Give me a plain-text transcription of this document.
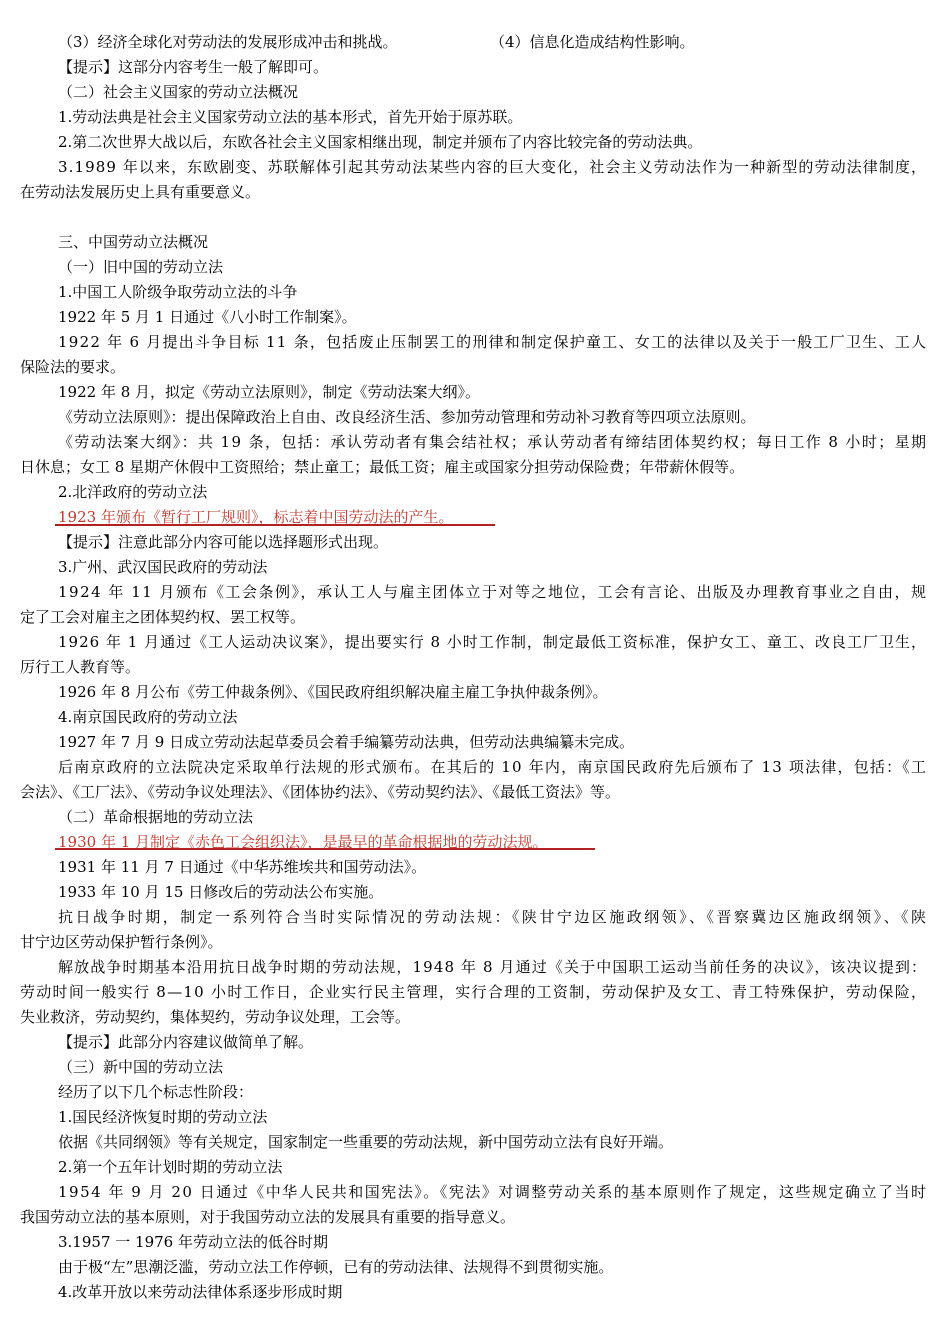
（3）经济全球化对劳动法的发展形成冲击和挑战。	（4）信息化造成结构性影响。
【提示】这部分内容考生一般了解即可。
（二）社会主义国家的劳动立法概况
1.劳动法典是社会主义国家劳动立法的基本形式，首先开始于原苏联。
2.第二次世界大战以后，东欧各社会主义国家相继出现，制定并颁布了内容比较完备的劳动法典。
3.1989 年以来，东欧剧变、苏联解体引起其劳动法某些内容的巨大变化，社会主义劳动法作为一种新型的劳动法律制度，
在劳动法发展历史上具有重要意义。
三、中国劳动立法概况
（一）旧中国的劳动立法
1.中国工人阶级争取劳动立法的斗争
1922 年 5 月 1 日通过《八小时工作制案》。
1922 年 6 月提出斗争目标 11 条，包括废止压制罢工的刑律和制定保护童工、女工的法律以及关于一般工厂卫生、工人
保险法的要求。
1922 年 8 月，拟定《劳动立法原则》，制定《劳动法案大纲》。
《劳动立法原则》：提出保障政治上自由、改良经济生活、参加劳动管理和劳动补习教育等四项立法原则。
《劳动法案大纲》：共 19 条，包括：承认劳动者有集会结社权；承认劳动者有缔结团体契约权；每日工作 8 小时；星期
日休息；女工 8 星期产休假中工资照给；禁止童工；最低工资；雇主或国家分担劳动保险费；年带薪休假等。
2.北洋政府的劳动立法
1923 年颁布《暂行工厂规则》，标志着中国劳动法的产生。
【提示】注意此部分内容可能以选择题形式出现。
3.广州、武汉国民政府的劳动法
1924 年 11 月颁布《工会条例》，承认工人与雇主团体立于对等之地位，工会有言论、出版及办理教育事业之自由，规
定了工会对雇主之团体契约权、罢工权等。
1926 年 1 月通过《工人运动决议案》，提出要实行 8 小时工作制，制定最低工资标准，保护女工、童工、改良工厂卫生，
厉行工人教育等。
1926 年 8 月公布《劳工仲裁条例》、《国民政府组织解决雇主雇工争执仲裁条例》。
4.南京国民政府的劳动立法
1927 年 7 月 9 日成立劳动法起草委员会着手编纂劳动法典，但劳动法典编纂未完成。
后南京政府的立法院决定采取单行法规的形式颁布。在其后的 10 年内，南京国民政府先后颁布了 13 项法律，包括：《工
会法》、《工厂法》、《劳动争议处理法》、《团体协约法》、《劳动契约法》、《最低工资法》等。
（二）革命根据地的劳动立法
1930 年 1 月制定《赤色工会组织法》，是最早的革命根据地的劳动法规。
1931 年 11 月 7 日通过《中华苏维埃共和国劳动法》。
1933 年 10 月 15 日修改后的劳动法公布实施。
抗日战争时期，制定一系列符合当时实际情况的劳动法规：《陕甘宁边区施政纲领》、《晋察冀边区施政纲领》、《陕
甘宁边区劳动保护暂行条例》。
解放战争时期基本沿用抗日战争时期的劳动法规，1948 年 8 月通过《关于中国职工运动当前任务的决议》，该决议提到：
劳动时间一般实行 8—10 小时工作日，企业实行民主管理，实行合理的工资制，劳动保护及女工、青工特殊保护，劳动保险，
失业救济，劳动契约，集体契约，劳动争议处理，工会等。
【提示】此部分内容建议做简单了解。
（三）新中国的劳动立法
经历了以下几个标志性阶段：
1.国民经济恢复时期的劳动立法
依据《共同纲领》等有关规定，国家制定一些重要的劳动法规，新中国劳动立法有良好开端。
2.第一个五年计划时期的劳动立法
1954 年 9 月 20 日通过《中华人民共和国宪法》。《宪法》对调整劳动关系的基本原则作了规定，这些规定确立了当时
我国劳动立法的基本原则，对于我国劳动立法的发展具有重要的指导意义。
3.1957 一 1976 年劳动立法的低谷时期
由于极“左”思潮泛滥，劳动立法工作停顿，已有的劳动法律、法规得不到贯彻实施。
4.改革开放以来劳动法律体系逐步形成时期
